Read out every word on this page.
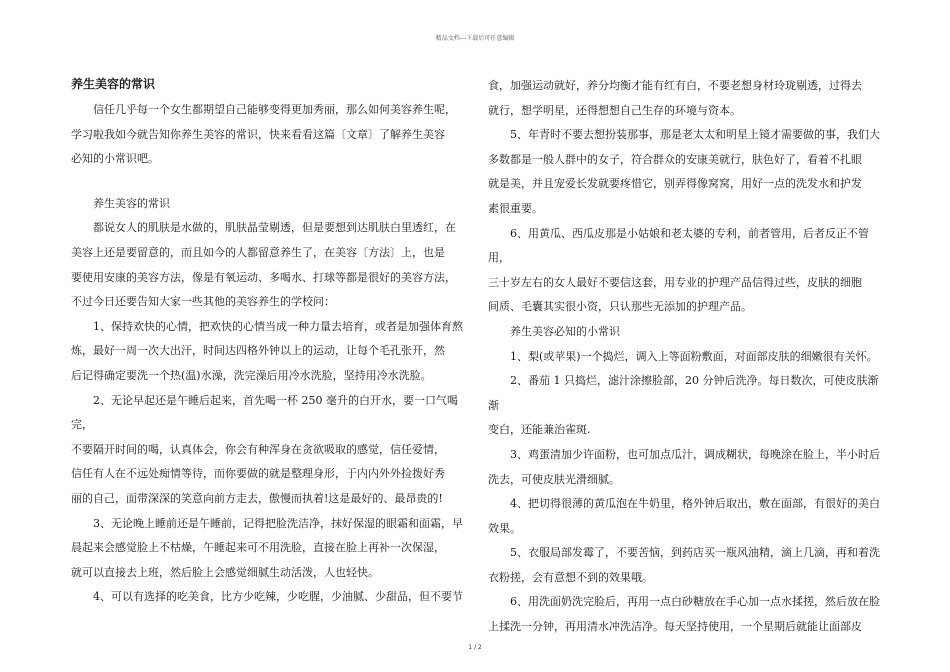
精品文档---下载后可任意编辑

养生美容的常识

信任几乎每一个女生都期望自己能够变得更加秀丽，那么如何美容养生呢，

学习啦我如今就告知你养生美容的常识，快来看看这篇〔文章〕了解养生美容

必知的小常识吧。

养生美容的常识

都说女人的肌肤是水做的，肌肤晶莹剔透，但是要想到达肌肤白里透红，在

美容上还是要留意的，而且如今的人都留意养生了，在美容〔方法〕上，也是

要使用安康的美容方法，像是有氧运动、多喝水、打球等都是很好的美容方法，

不过今日还要告知大家一些其他的美容养生的学校问：

1、保持欢快的心情，把欢快的心情当成一种力量去培育，或者是加强体育熬

炼，最好一周一次大出汗，时间达四格外钟以上的运动，让每个毛孔张开，然

后记得确定要洗一个热(温)水澡，洗完澡后用冷水洗脸，坚持用冷水洗脸。

2、无论早起还是午睡后起来，首先喝一杯 250 毫升的白开水，要一口气喝完，

不要隔开时间的喝，认真体会，你会有种浑身在贪欲吸取的感觉，信任爱情，

信任有人在不远处痴情等待，而你要做的就是整理身形，于内内外外捡拨好秀

丽的自己，面带深深的笑意向前方走去，傲慢而执着!这是最好的、最昂贵的!

3、无论晚上睡前还是午睡前，记得把脸洗洁净，抹好保湿的眼霜和面霜，早

晨起来会感觉脸上不枯燥，午睡起来可不用洗脸，直接在脸上再补一次保湿，

就可以直接去上班，然后脸上会感觉细腻生动活泼，人也轻快。

4、可以有选择的吃美食，比方少吃辣，少吃腥，少油腻、少甜品，但不要节

食，加强运动就好，养分均衡才能有红有白，不要老想身材玲珑剔透，过得去

就行，想学明星，还得想想自己生存的环境与资本。

5、年青时不要去想扮装那事，那是老太太和明星上镜才需要做的事，我们大

多数都是一般人群中的女子，符合群众的安康美就行，肤色好了，看着不扎眼

就是美，并且宠爱长发就要疼惜它，别弄得像窝窝，用好一点的洗发水和护发

素很重要。

6、用黄瓜、西瓜皮那是小姑娘和老太婆的专利，前者管用，后者反正不管用，

三十岁左右的女人最好不要信这套，用专业的护理产品信得过些，皮肤的细胞

间质、毛囊其实很小资，只认那些无添加的护理产品。

养生美容必知的小常识

1、梨(或苹果)一个捣烂，调入上等面粉敷面，对面部皮肤的细嫩很有关怀。

2、番茄 1 只捣烂，滤汁涂擦脸部，20 分钟后洗净。每日数次，可使皮肤渐渐

变白，还能兼治雀斑.

3、鸡蛋清加少许面粉，也可加点瓜汁，调成糊状，每晚涂在脸上，半小时后

洗去，可使皮肤光滑细腻。

4、把切得很薄的黄瓜泡在牛奶里，格外钟后取出，敷在面部，有很好的美白

效果。

5、衣服局部发霉了，不要苦恼，到药店买一瓶风油精，滴上几滴，再和着洗

衣粉搓，会有意想不到的效果哦。

6、用洗面奶洗完脸后，再用一点白砂糖放在手心加一点水揉搓，然后放在脸

上揉洗一分钟，再用清水冲洗洁净。每天坚持使用，一个星期后就能让面部皮

1 / 2
